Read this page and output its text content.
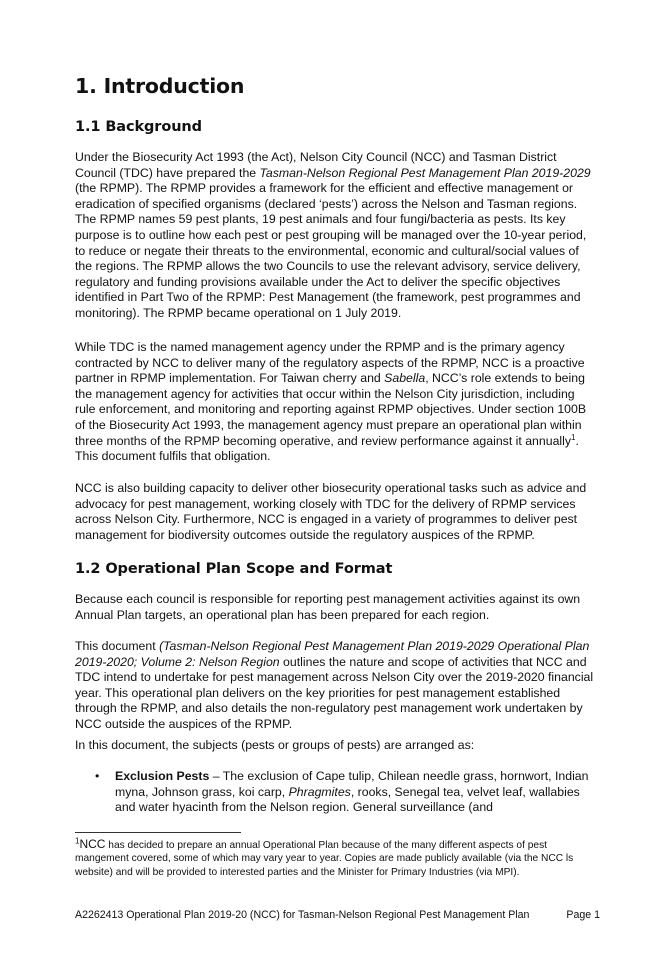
1. Introduction
1.1 Background

Under the Biosecurity Act 1993 (the Act), Nelson City Council (NCC) and Tasman District Council (TDC) have prepared the Tasman-Nelson Regional Pest Management Plan 2019-2029 (the RPMP). The RPMP provides a framework for the efficient and effective management or eradication of specified organisms (declared ‘pests’) across the Nelson and Tasman regions. The RPMP names 59 pest plants, 19 pest animals and four fungi/bacteria as pests. Its key purpose is to outline how each pest or pest grouping will be managed over the 10-year period, to reduce or negate their threats to the environmental, economic and cultural/social values of the regions. The RPMP allows the two Councils to use the relevant advisory, service delivery, regulatory and funding provisions available under the Act to deliver the specific objectives identified in Part Two of the RPMP: Pest Management (the framework, pest programmes and monitoring). The RPMP became operational on 1 July 2019.

While TDC is the named management agency under the RPMP and is the primary agency contracted by NCC to deliver many of the regulatory aspects of the RPMP, NCC is a proactive partner in RPMP implementation. For Taiwan cherry and Sabella, NCC’s role extends to being the management agency for activities that occur within the Nelson City jurisdiction, including rule enforcement, and monitoring and reporting against RPMP objectives. Under section 100B of the Biosecurity Act 1993, the management agency must prepare an operational plan within three months of the RPMP becoming operative, and review performance against it annually$^1$. This document fulfils that obligation.

NCC is also building capacity to deliver other biosecurity operational tasks such as advice and advocacy for pest management, working closely with TDC for the delivery of RPMP services across Nelson City. Furthermore, NCC is engaged in a variety of programmes to deliver pest management for biodiversity outcomes outside the regulatory auspices of the RPMP.

1.2 Operational Plan Scope and Format

Because each council is responsible for reporting pest management activities against its own Annual Plan targets, an operational plan has been prepared for each region.

This document (Tasman-Nelson Regional Pest Management Plan 2019-2029 Operational Plan 2019-2020; Volume 2: Nelson Region outlines the nature and scope of activities that NCC and TDC intend to undertake for pest management across Nelson City over the 2019-2020 financial year. This operational plan delivers on the key priorities for pest management established through the RPMP, and also details the non-regulatory pest management work undertaken by NCC outside the auspices of the RPMP.

In this document, the subjects (pests or groups of pests) are arranged as:

• Exclusion Pests – The exclusion of Cape tulip, Chilean needle grass, hornwort, Indian myna, Johnson grass, koi carp, Phragmites, rooks, Senegal tea, velvet leaf, wallabies and water hyacinth from the Nelson region. General surveillance (and
$^1$NCC has decided to prepare an annual Operational Plan because of the many different aspects of pest mangement covered, some of which may vary year to year. Copies are made publicly available (via the NCC ls website) and will be provided to interested parties and the Minister for Primary Industries (via MPI).
A2262413 Operational Plan 2019-20 (NCC) for Tasman-Nelson Regional Pest Management Plan	Page 1
